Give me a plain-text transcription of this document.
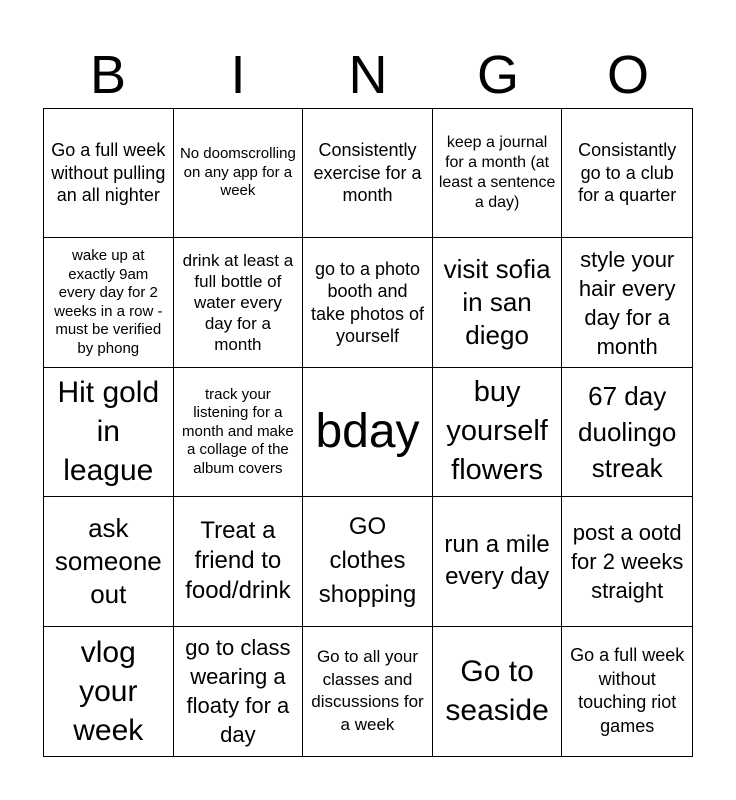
B	I	N	G	O
Go a full week without pulling an all nighter
No doomscrolling on any app for a week
Consistently exercise for a month
keep a journal for a month (at least a sentence a day)
Consistantly go to a club for a quarter
wake up at exactly 9am every day for 2 weeks in a row - must be verified by phong
drink at least a full bottle of water every day for a month
go to a photo booth and take photos of yourself
visit sofia in san diego
style your hair every day for a month
Hit gold in league
track your listening for a month and make a collage of the album covers
bday
buy yourself flowers
67 day duolingo streak
ask someone out
Treat a friend to food/drink
GO clothes shopping
run a mile every day
post a ootd for 2 weeks straight
vlog your week
go to class wearing a floaty for a day
Go to all your classes and discussions for a week
Go to seaside
Go a full week without touching riot games
